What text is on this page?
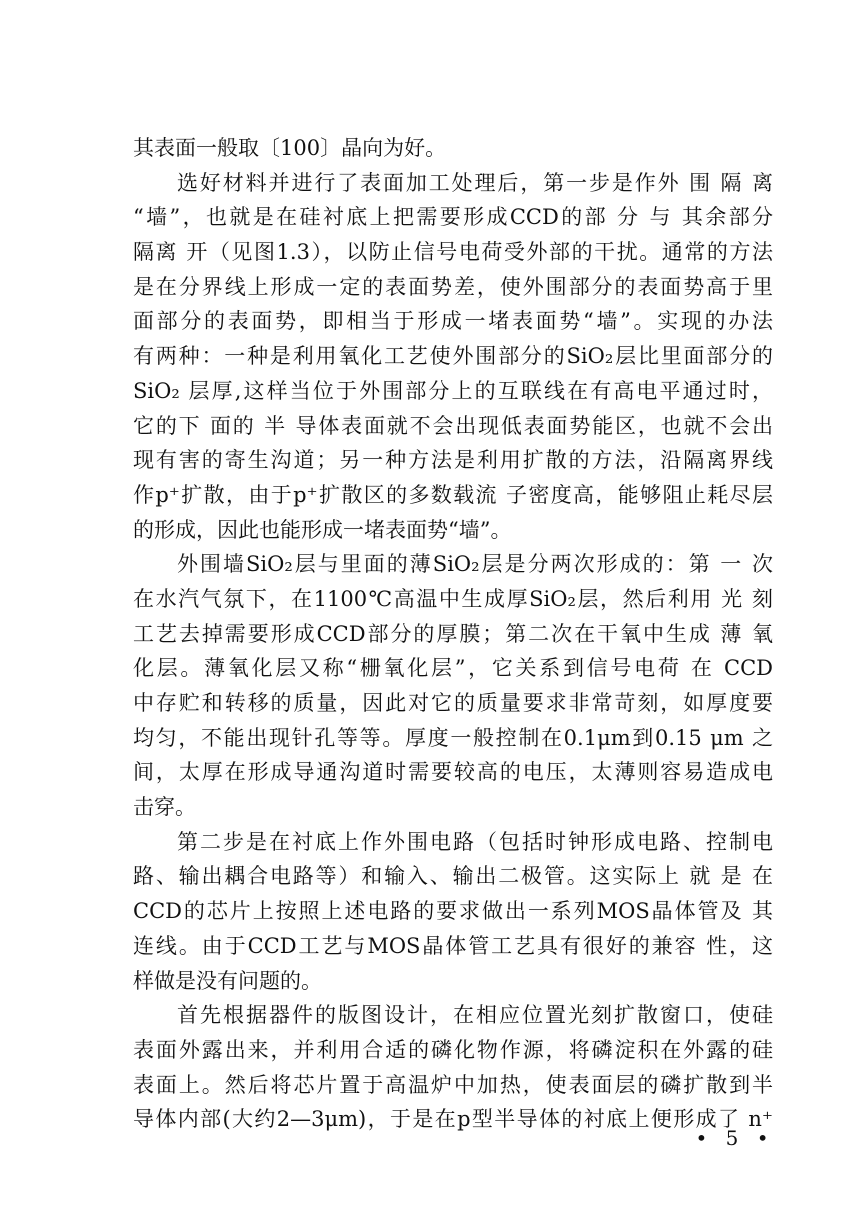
其表面一般取〔100〕晶向为好。
选好材料并进行了表面加工处理后，第一步是作外 围 隔 离
“墙”，也就是在硅衬底上把需要形成CCD的部 分 与 其余部分
隔离 开（见图1.3），以防止信号电荷受外部的干扰。通常的方法
是在分界线上形成一定的表面势差，使外围部分的表面势高于里
面部分的表面势，即相当于形成一堵表面势“墙”。实现的办法
有两种：一种是利用氧化工艺使外围部分的SiO₂层比里面部分的
SiO₂ 层厚,这样当位于外围部分上的互联线在有高电平通过时，
它的下 面的 半 导体表面就不会出现低表面势能区，也就不会出
现有害的寄生沟道；另一种方法是利用扩散的方法，沿隔离界线
作p⁺扩散，由于p⁺扩散区的多数载流 子密度高，能够阻止耗尽层
的形成，因此也能形成一堵表面势“墙”。
外围墙SiO₂层与里面的薄SiO₂层是分两次形成的：第 一 次
在水汽气氛下，在1100℃高温中生成厚SiO₂层，然后利用 光 刻
工艺去掉需要形成CCD部分的厚膜；第二次在干氧中生成 薄 氧
化层。薄氧化层又称“栅氧化层”，它关系到信号电荷 在 CCD
中存贮和转移的质量，因此对它的质量要求非常苛刻，如厚度要
均匀，不能出现针孔等等。厚度一般控制在0.1μm到0.15 μm 之
间，太厚在形成导通沟道时需要较高的电压，太薄则容易造成电
击穿。
第二步是在衬底上作外围电路（包括时钟形成电路、控制电
路、输出耦合电路等）和输入、输出二极管。这实际上 就 是 在
CCD的芯片上按照上述电路的要求做出一系列MOS晶体管及 其
连线。由于CCD工艺与MOS晶体管工艺具有很好的兼容 性，这
样做是没有问题的。
首先根据器件的版图设计，在相应位置光刻扩散窗口，使硅
表面外露出来，并利用合适的磷化物作源，将磷淀积在外露的硅
表面上。然后将芯片置于高温炉中加热，使表面层的磷扩散到半
导体内部(大约2—3μm)，于是在p型半导体的衬底上便形成了 n⁺
• 5 •
